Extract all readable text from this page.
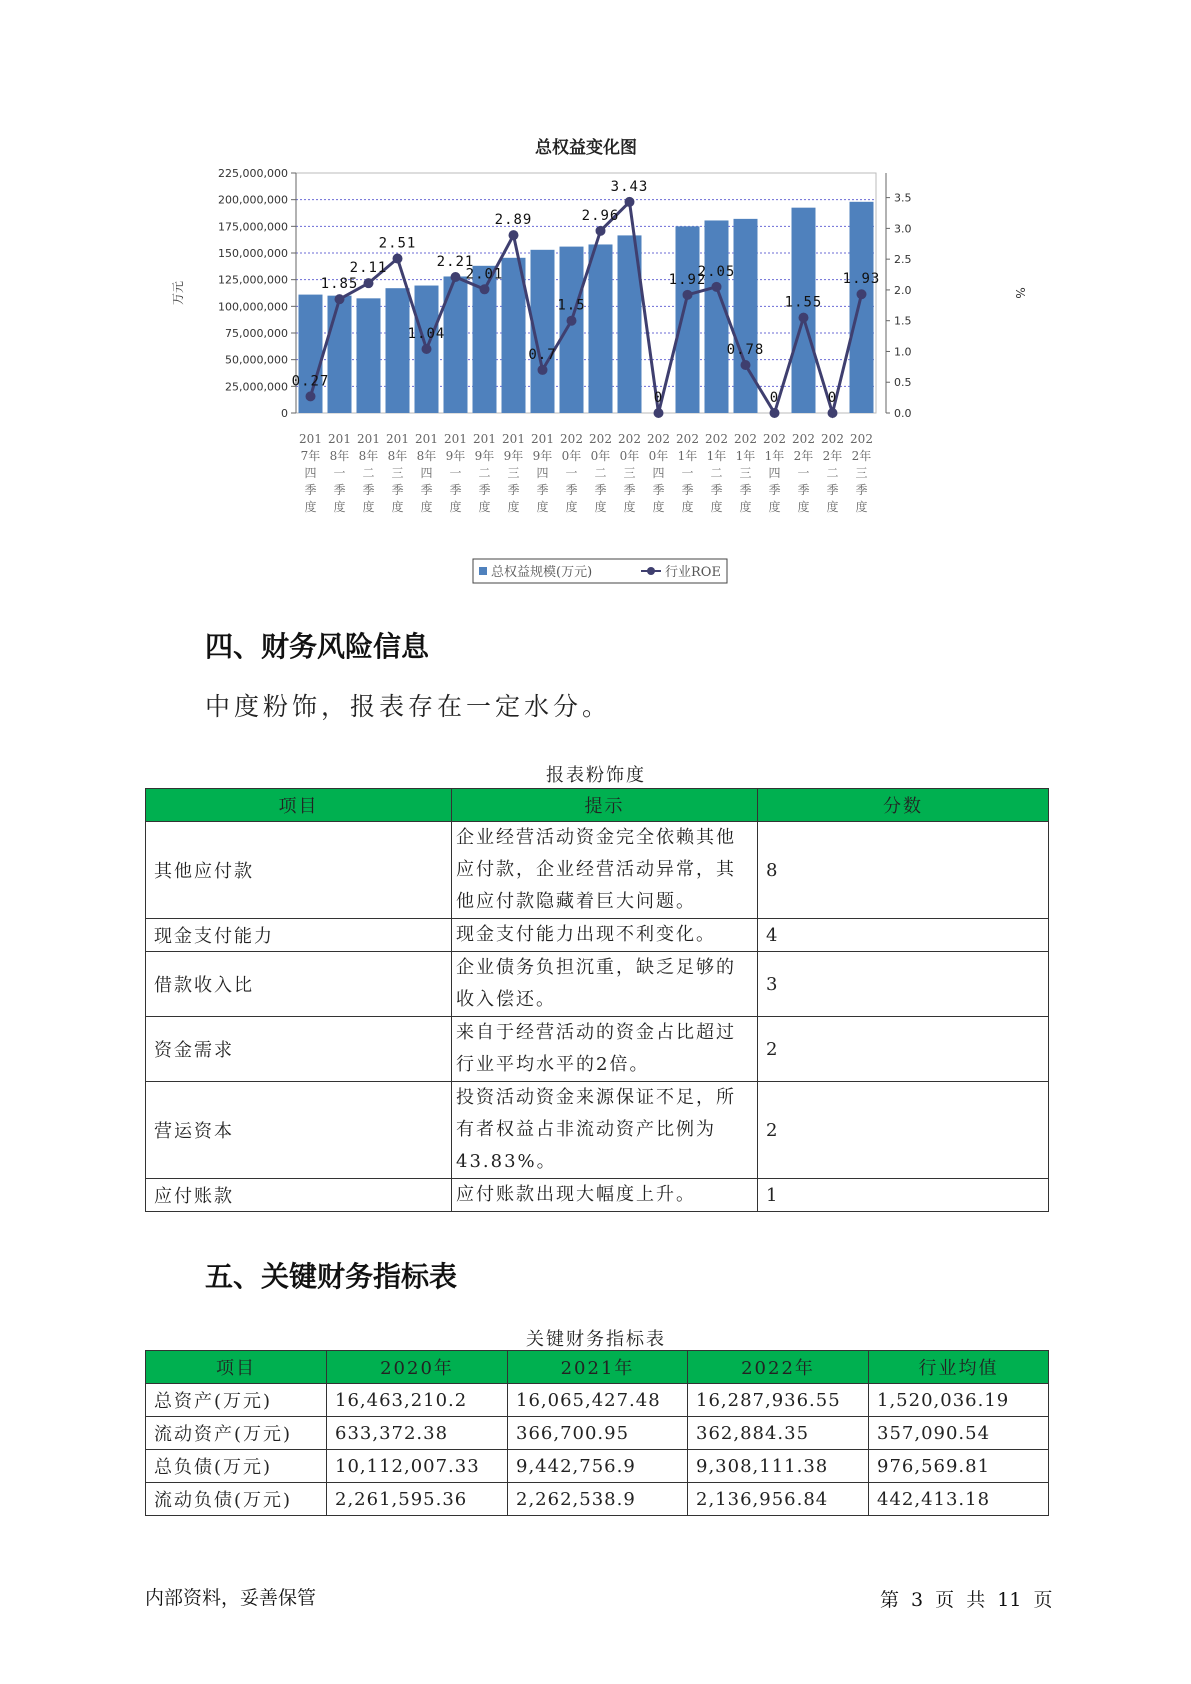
总权益变化图
225,000,000
200,000,000
175,000,000
150,000,000
125,000,000
100,000,000
75,000,000
50,000,000
25,000,000
0
3.5
3.0
2.5
2.0
1.5
1.0
0.5
0.0
万元	%
201
7年
四
季
度
201
8年
一
季
度
201
8年
二
季
度
201
8年
三
季
度
201
8年
四
季
度
201
9年
一
季
度
201
9年
二
季
度
201
9年
三
季
度
201
9年
四
季
度
202
0年
一
季
度
202
0年
二
季
度
202
0年
三
季
度
202
0年
四
季
度
202
1年
一
季
度
202
1年
二
季
度
202
1年
三
季
度
202
1年
四
季
度
202
2年
一
季
度
202
2年
二
季
度
202
2年
三
季
度
0.27
1.85
2.11
2.51
1.04
2.21
2.01
2.89
0.7
1.5
2.96
3.43
0
1.92
2.05
0.78
0
1.55
0
1.93
总权益规模(万元)	行业ROE
四、财务风险信息

中度粉饰，报表存在一定水分。

报表粉饰度
项目	提示	分数
其他应付款	企业经营活动资金完全依赖其他应付款，企业经营活动异常，其他应付款隐藏着巨大问题。	8
现金支付能力	现金支付能力出现不利变化。	4
借款收入比	企业债务负担沉重，缺乏足够的收入偿还。	3
资金需求	来自于经营活动的资金占比超过行业平均水平的2倍。	2
营运资本	投资活动资金来源保证不足，所有者权益占非流动资产比例为43.83%。	2
应付账款	应付账款出现大幅度上升。	1
五、关键财务指标表
关键财务指标表
项目	2020年	2021年	2022年	行业均值
总资产(万元)	16,463,210.2	16,065,427.48	16,287,936.55	1,520,036.19
流动资产(万元)	633,372.38	366,700.95	362,884.35	357,090.54
总负债(万元)	10,112,007.33	9,442,756.9	9,308,111.38	976,569.81
流动负债(万元)	2,261,595.36	2,262,538.9	2,136,956.84	442,413.18
内部资料，妥善保管	第 3 页 共 11 页
